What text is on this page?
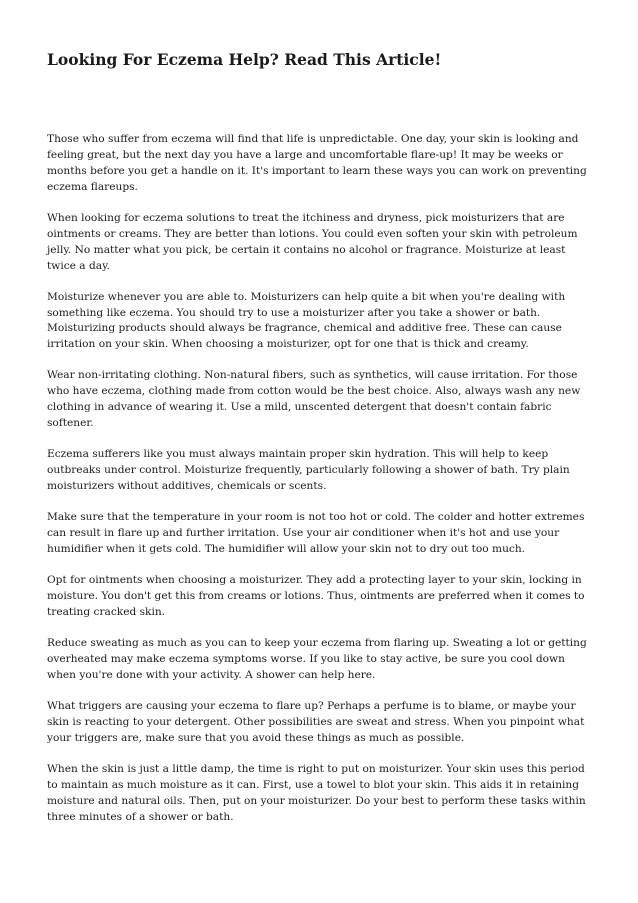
Looking For Eczema Help? Read This Article!

Those who suffer from eczema will find that life is unpredictable. One day, your skin is looking and feeling great, but the next day you have a large and uncomfortable flare-up! It may be weeks or months before you get a handle on it. It's important to learn these ways you can work on preventing eczema flareups.

When looking for eczema solutions to treat the itchiness and dryness, pick moisturizers that are ointments or creams. They are better than lotions. You could even soften your skin with petroleum jelly. No matter what you pick, be certain it contains no alcohol or fragrance. Moisturize at least twice a day.

Moisturize whenever you are able to. Moisturizers can help quite a bit when you're dealing with something like eczema. You should try to use a moisturizer after you take a shower or bath. Moisturizing products should always be fragrance, chemical and additive free. These can cause irritation on your skin. When choosing a moisturizer, opt for one that is thick and creamy.

Wear non-irritating clothing. Non-natural fibers, such as synthetics, will cause irritation. For those who have eczema, clothing made from cotton would be the best choice. Also, always wash any new clothing in advance of wearing it. Use a mild, unscented detergent that doesn't contain fabric softener.

Eczema sufferers like you must always maintain proper skin hydration. This will help to keep outbreaks under control. Moisturize frequently, particularly following a shower of bath. Try plain moisturizers without additives, chemicals or scents.

Make sure that the temperature in your room is not too hot or cold. The colder and hotter extremes can result in flare up and further irritation. Use your air conditioner when it's hot and use your humidifier when it gets cold. The humidifier will allow your skin not to dry out too much.

Opt for ointments when choosing a moisturizer. They add a protecting layer to your skin, locking in moisture. You don't get this from creams or lotions. Thus, ointments are preferred when it comes to treating cracked skin.

Reduce sweating as much as you can to keep your eczema from flaring up. Sweating a lot or getting overheated may make eczema symptoms worse. If you like to stay active, be sure you cool down when you're done with your activity. A shower can help here.

What triggers are causing your eczema to flare up? Perhaps a perfume is to blame, or maybe your skin is reacting to your detergent. Other possibilities are sweat and stress. When you pinpoint what your triggers are, make sure that you avoid these things as much as possible.

When the skin is just a little damp, the time is right to put on moisturizer. Your skin uses this period to maintain as much moisture as it can. First, use a towel to blot your skin. This aids it in retaining moisture and natural oils. Then, put on your moisturizer. Do your best to perform these tasks within three minutes of a shower or bath.
